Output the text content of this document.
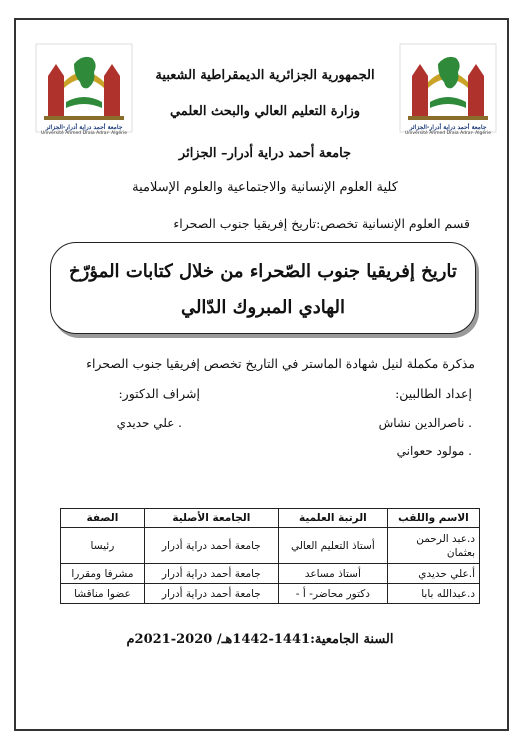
جامعة أحمد دراية أدرار-الجزائر
Université Ahmed Draia Adrar- Algérie
جامعة أحمد دراية أدرار-الجزائر
Université Ahmed Draia Adrar- Algérie
الجمهورية الجزائرية الديمقراطية الشعبية
وزارة التعليم العالي والبحث العلمي
جامعة أحمد دراية أدرار– الجزائر
كلية العلوم الإنسانية والاجتماعية والعلوم الإسلامية
قسم العلوم الإنسانية تخصص:تاريخ إفريقيا جنوب الصحراء
تاريخ إفريقيا جنوب الصّحراء من خلال كتابات المؤرّخ
الهادي المبروك الدّالي
مذكرة مكملة لنيل شهادة الماستر في التاريخ تخصص إفريقيا جنوب الصحراء
إعداد الطالبين:
. ناصرالدين نشاش
. مولود حعواني
إشراف الدكتور:
. علي حديدي
الاسم واللقب	الرتبة العلمية	الجامعة الأصلية	الصفة
د.عبد الرحمن بعثمان	أستاذ التعليم العالي	جامعة أحمد دراية أدرار	رئيسا
أ.علي حديدي	أستاذ مساعد	جامعة أحمد دراية أدرار	مشرفا ومقررا
د.عبدالله بابا	دكتور محاضر- أ -	جامعة أحمد دراية أدرار	عضوا مناقشا
السنة الجامعية:1441-1442هـ/ 2020-2021م
